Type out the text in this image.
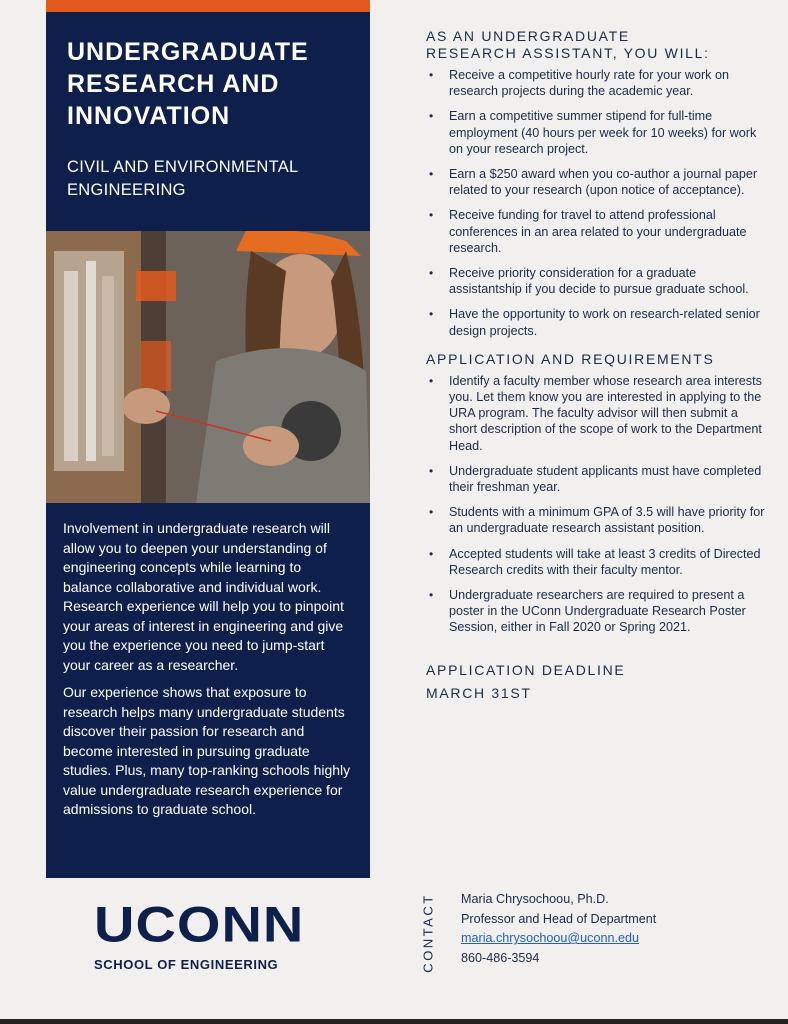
UNDERGRADUATE RESEARCH AND INNOVATION
CIVIL AND ENVIRONMENTAL ENGINEERING

Involvement in undergraduate research will allow you to deepen your understanding of engineering concepts while learning to balance collaborative and individual work. Research experience will help you to pinpoint your areas of interest in engineering and give you the experience you need to jump-start your career as a researcher.

Our experience shows that exposure to research helps many undergraduate students discover their passion for research and become interested in pursuing graduate studies. Plus, many top-ranking schools highly value undergraduate research experience for admissions to graduate school.

UCONN
SCHOOL OF ENGINEERING
AS AN UNDERGRADUATE
RESEARCH ASSISTANT, YOU WILL:
• Receive a competitive hourly rate for your work on research projects during the academic year.
• Earn a competitive summer stipend for full-time employment (40 hours per week for 10 weeks) for work on your research project.
• Earn a $250 award when you co-author a journal paper related to your research (upon notice of acceptance).
• Receive funding for travel to attend professional conferences in an area related to your undergraduate research.
• Receive priority consideration for a graduate assistantship if you decide to pursue graduate school.
• Have the opportunity to work on research-related senior design projects.
APPLICATION AND REQUIREMENTS
• Identify a faculty member whose research area interests you. Let them know you are interested in applying to the URA program. The faculty advisor will then submit a short description of the scope of work to the Department Head.
• Undergraduate student applicants must have completed their freshman year.
• Students with a minimum GPA of 3.5 will have priority for an undergraduate research assistant position.
• Accepted students will take at least 3 credits of Directed Research credits with their faculty mentor.
• Undergraduate researchers are required to present a poster in the UConn Undergraduate Research Poster Session, either in Fall 2020 or Spring 2021.
APPLICATION DEADLINE
MARCH 31ST
CONTACT Maria Chrysochoou, Ph.D.
Professor and Head of Department
maria.chrysochoou@uconn.edu
860-486-3594
